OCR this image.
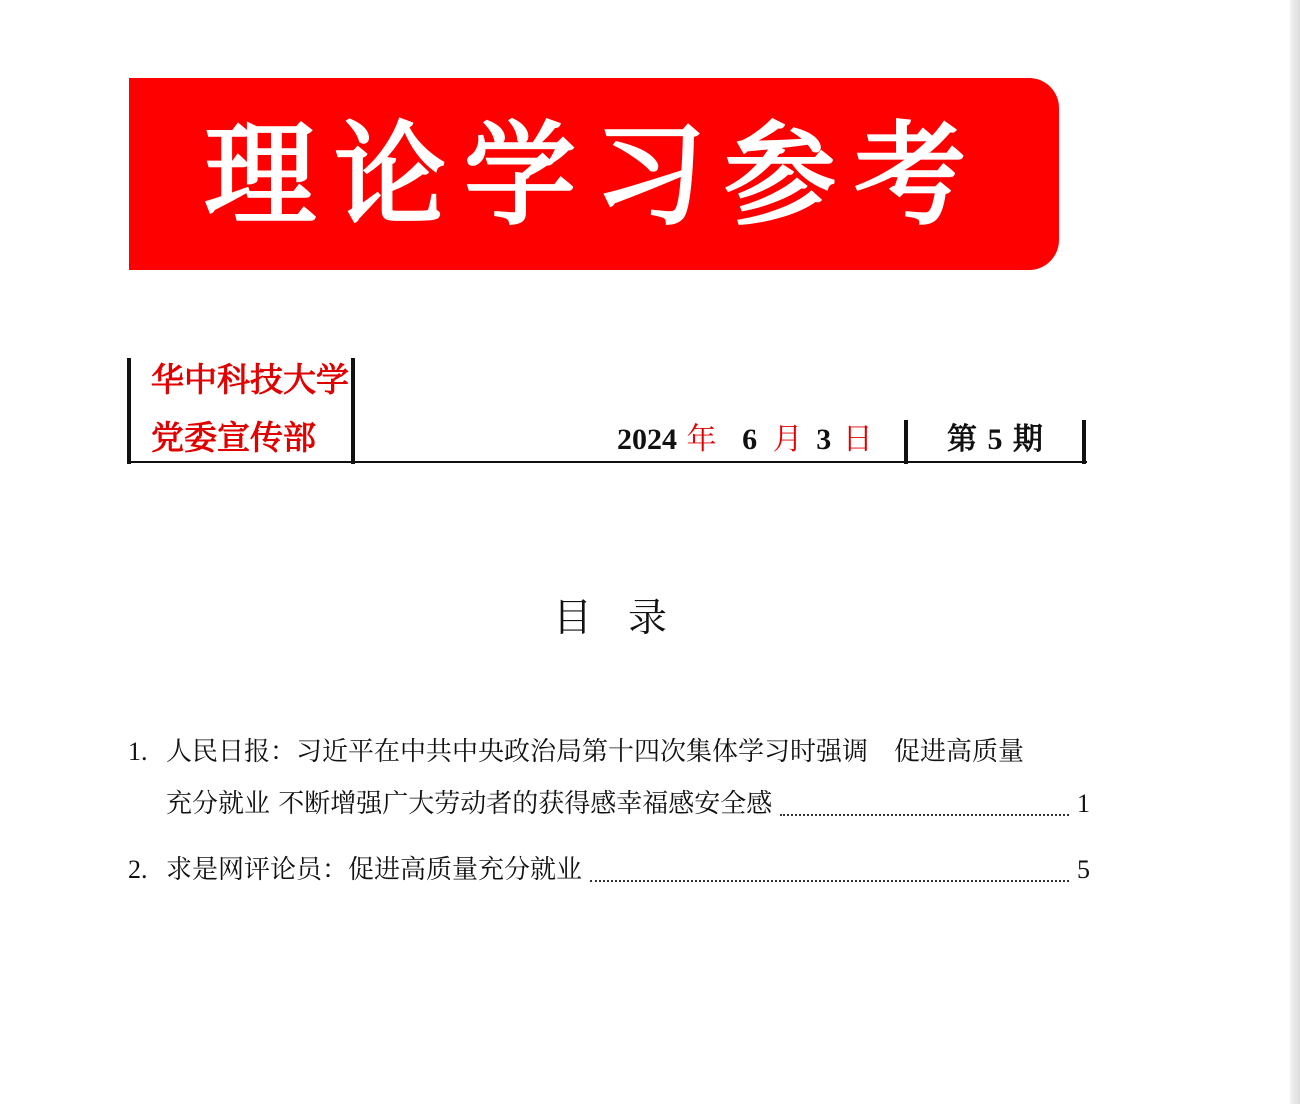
理论学习参考
华中科技大学
党委宣传部	2024 年 6 月 3 日 第 5 期
目录
1. 人民日报：习近平在中共中央政治局第十四次集体学习时强调　促进高质量
充分就业 不断增强广大劳动者的获得感幸福感安全感	1
2. 求是网评论员：促进高质量充分就业	5
